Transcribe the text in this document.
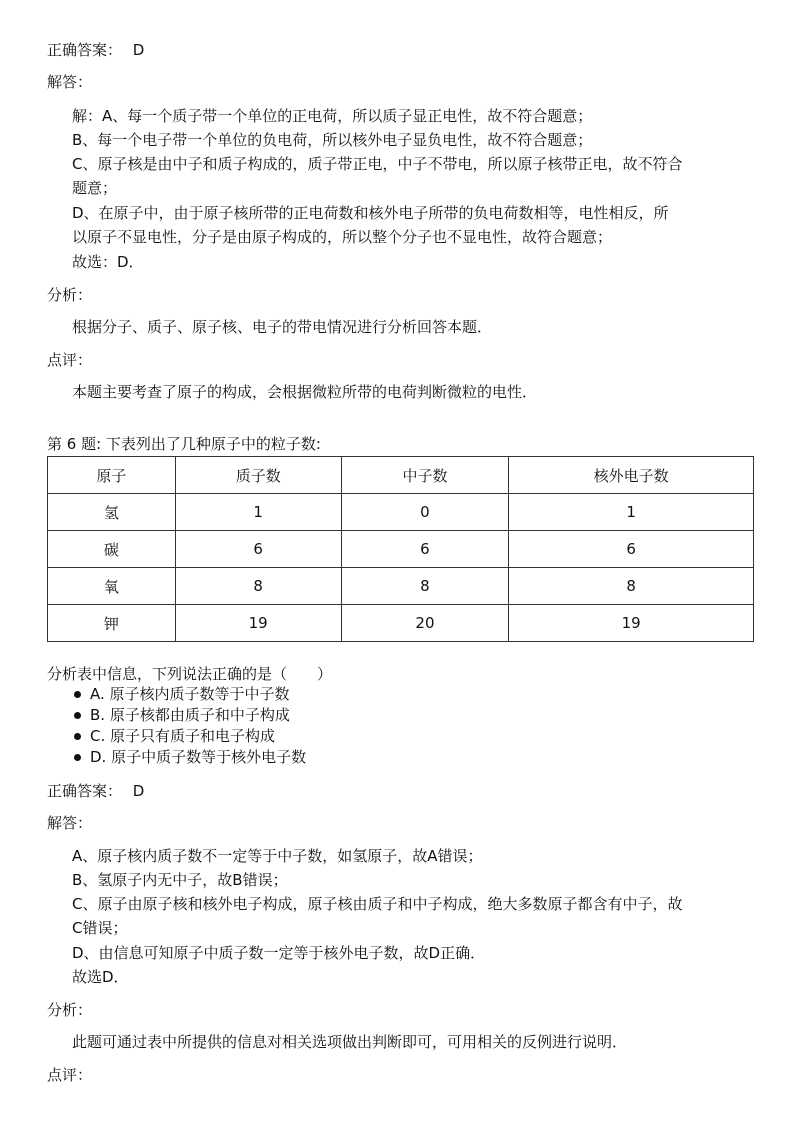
正确答案： D
解答：
解：A、每一个质子带一个单位的正电荷，所以质子显正电性，故不符合题意；
B、每一个电子带一个单位的负电荷，所以核外电子显负电性，故不符合题意；
C、原子核是由中子和质子构成的，质子带正电，中子不带电，所以原子核带正电，故不符合
题意；
D、在原子中，由于原子核所带的正电荷数和核外电子所带的负电荷数相等，电性相反，所
以原子不显电性，分子是由原子构成的，所以整个分子也不显电性，故符合题意；
故选：D．
分析：
根据分子、质子、原子核、电子的带电情况进行分析回答本题．
点评：
本题主要考查了原子的构成，会根据微粒所带的电荷判断微粒的电性．
第 6 题: 下表列出了几种原子中的粒子数:
原子	质子数	中子数	核外电子数
氢	1	0	1
碳	6	6	6
氧	8	8	8
钾	19	20	19
分析表中信息，下列说法正确的是（　　）
A. 原子核内质子数等于中子数
B. 原子核都由质子和中子构成
C. 原子只有质子和电子构成
D. 原子中质子数等于核外电子数
正确答案： D
解答：
A、原子核内质子数不一定等于中子数，如氢原子，故A错误；
B、氢原子内无中子，故B错误；
C、原子由原子核和核外电子构成，原子核由质子和中子构成，绝大多数原子都含有中子，故
C错误；
D、由信息可知原子中质子数一定等于核外电子数，故D正确．
故选D．
分析：
此题可通过表中所提供的信息对相关选项做出判断即可，可用相关的反例进行说明．
点评：
